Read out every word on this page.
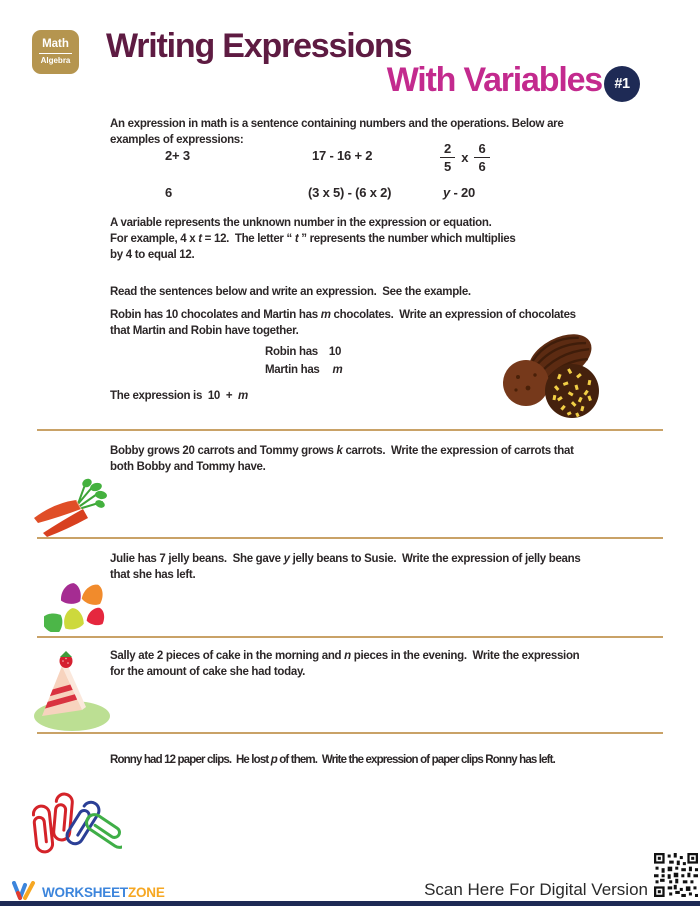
Math
Algebra Writing Expressions
With Variables #1
An expression in math is a sentence containing numbers and the operations. Below are
examples of expressions:
2+ 3	17 - 16 + 2	$\frac{2}{5}$ x $\frac{6}{6}$
6	(3 x 5) - (6 x 2)	y - 20
A variable represents the unknown number in the expression or equation.
For example, 4 x t = 12.  The letter “ t ” represents the number which multiplies
by 4 to equal 12.
Read the sentences below and write an expression.  See the example.
Robin has 10 chocolates and Martin has m chocolates.  Write an expression of chocolates
that Martin and Robin have together.
Robin has 10
Martin has m
The expression is  10  +  m
Bobby grows 20 carrots and Tommy grows k carrots.  Write the expression of carrots that
both Bobby and Tommy have.
Julie has 7 jelly beans.  She gave y jelly beans to Susie.  Write the expression of jelly beans
that she has left.
Sally ate 2 pieces of cake in the morning and n pieces in the evening.  Write the expression
for the amount of cake she had today.
Ronny had 12 paper clips.  He lost p of them.  Write the expression of paper clips Ronny has left.
WORKSHEETZONE	Scan Here For Digital Version
